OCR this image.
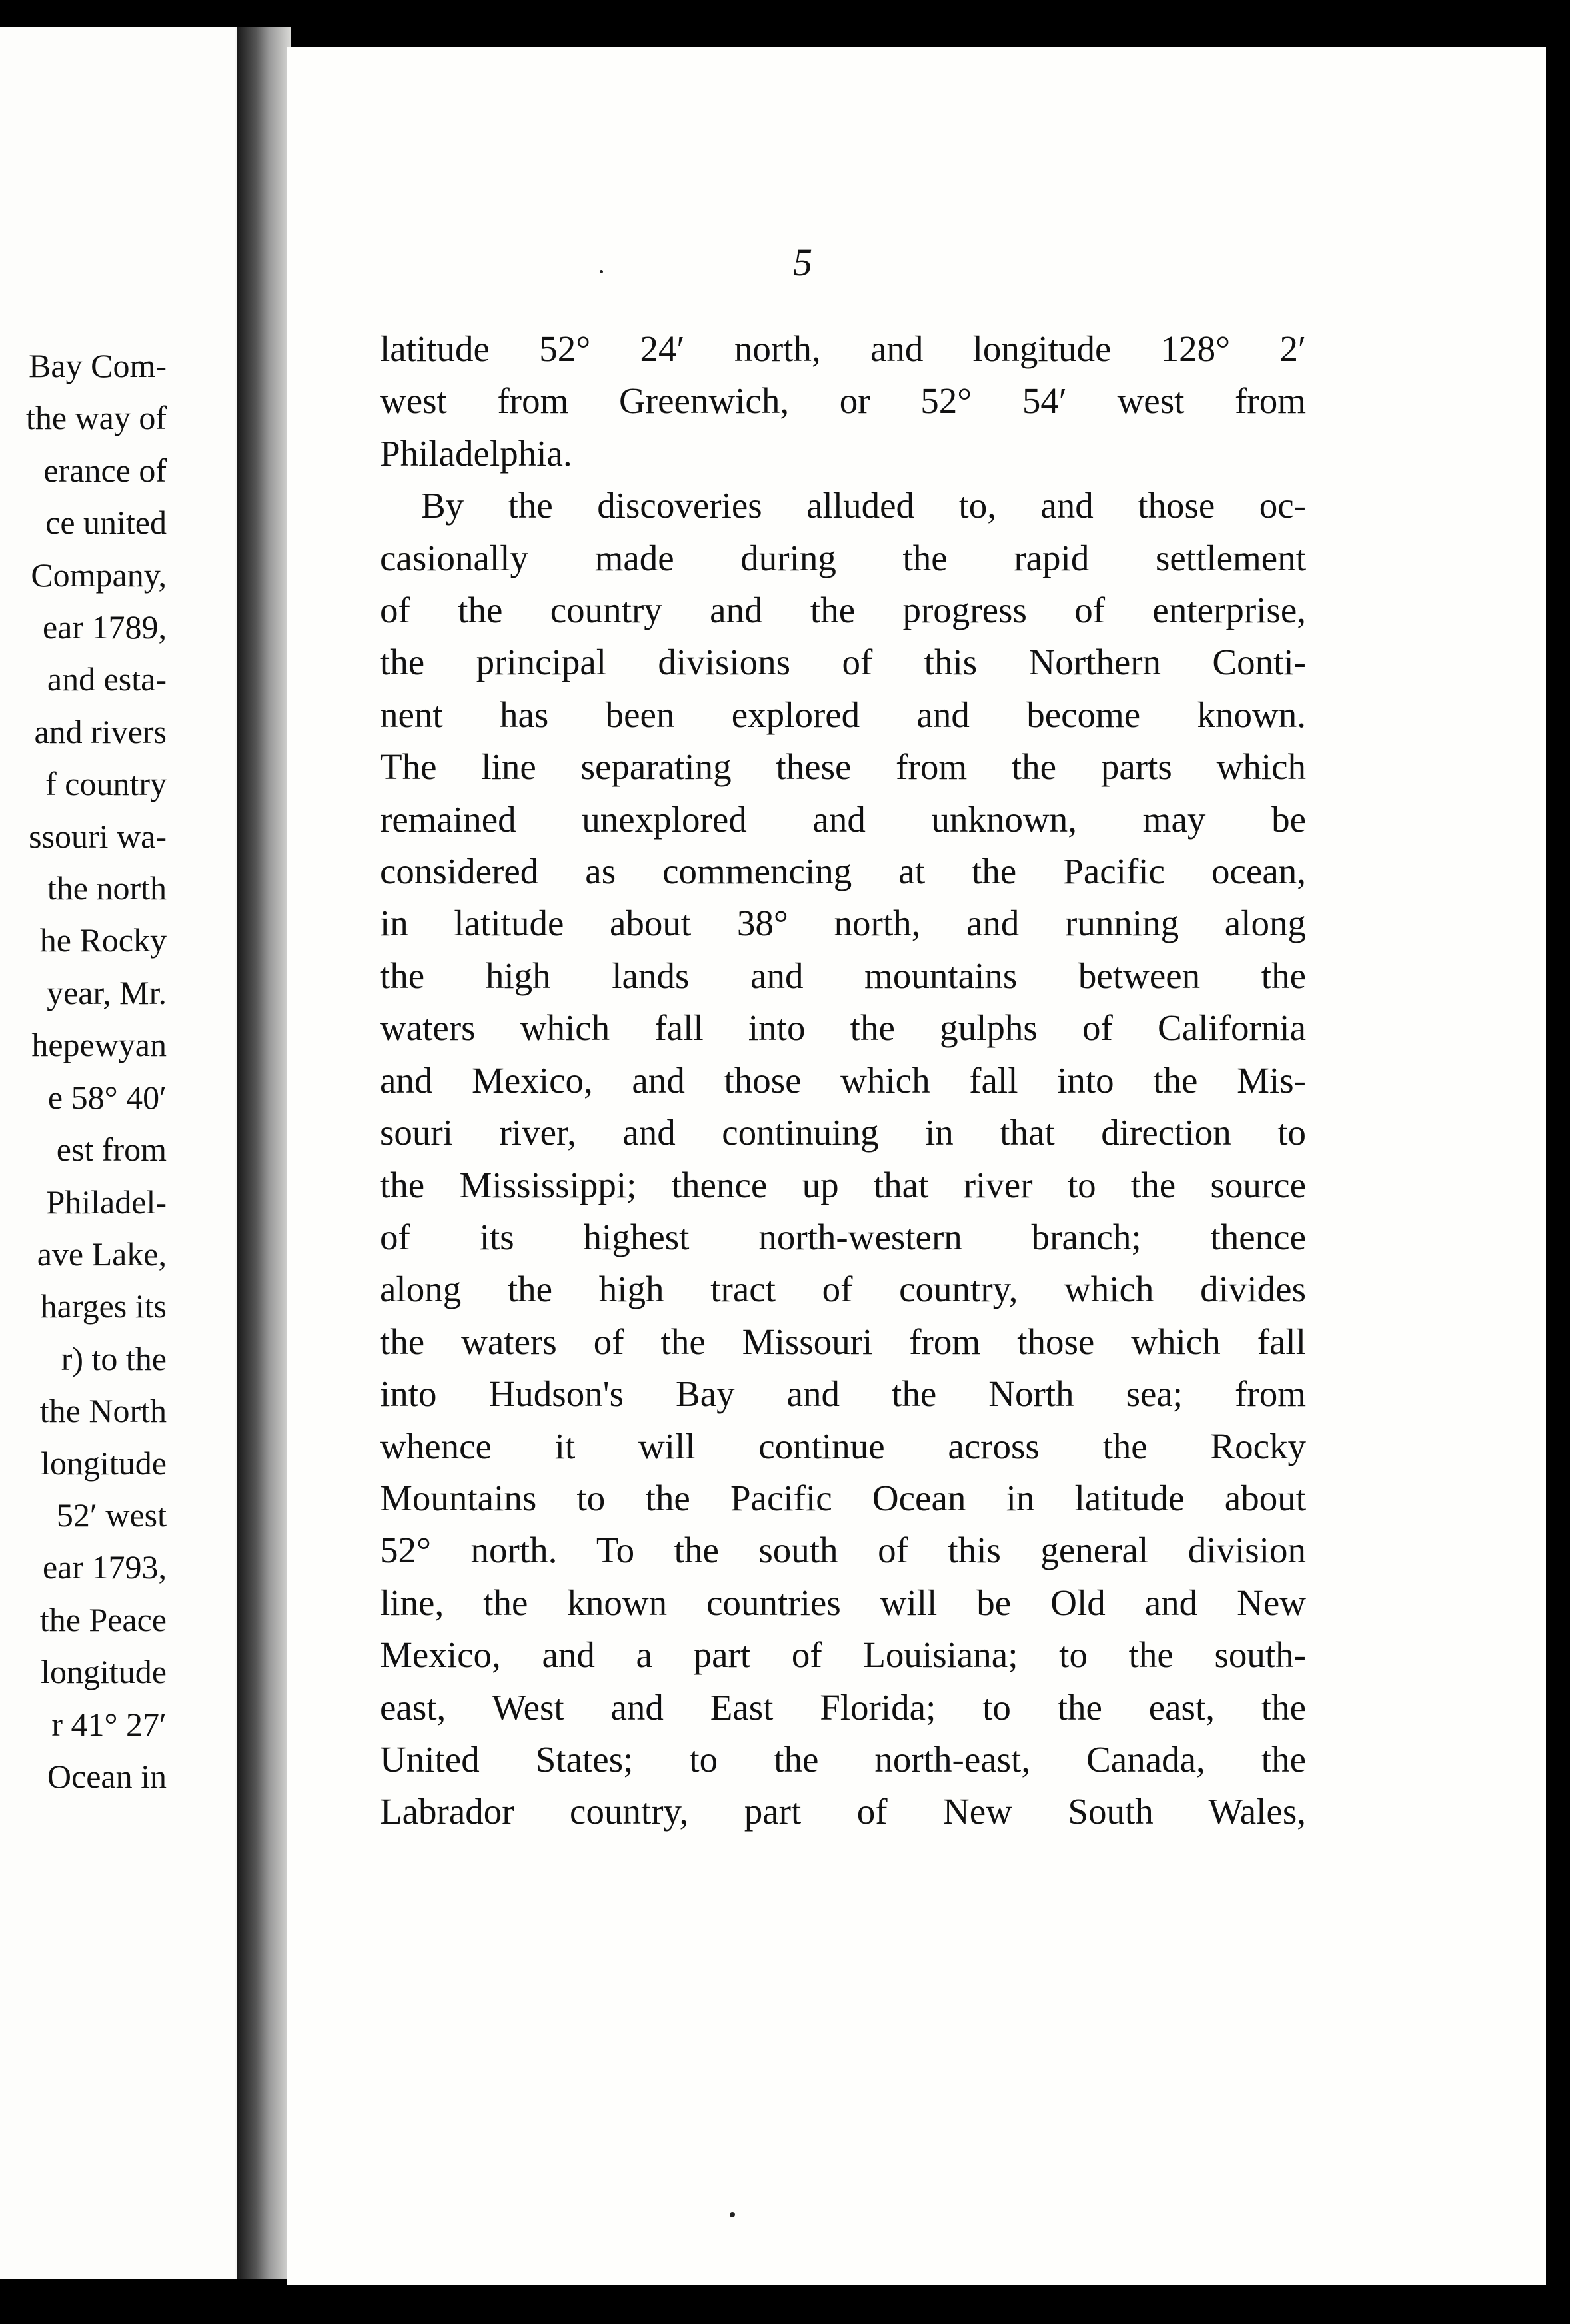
Bay Com-
the way of
erance of
ce united
Company,
ear 1789,
and esta-
and rivers
f country
ssouri wa-
the north
he Rocky
year, Mr.
hepewyan
e 58° 40′
est from
Philadel-
ave Lake,
harges its
r) to the
the North
longitude
52′ west
ear 1793,
the Peace
longitude
r 41° 27′
Ocean in
5
latitude 52° 24′ north, and longitude 128° 2′
west from Greenwich, or 52° 54′ west from
Philadelphia.
By the discoveries alluded to, and those oc-
casionally made during the rapid settlement
of the country and the progress of enterprise,
the principal divisions of this Northern Conti-
nent has been explored and become known.
The line separating these from the parts which
remained unexplored and unknown, may be
considered as commencing at the Pacific ocean,
in latitude about 38° north, and running along
the high lands and mountains between the
waters which fall into the gulphs of California
and Mexico, and those which fall into the Mis-
souri river, and continuing in that direction to
the Mississippi; thence up that river to the source
of its highest north-western branch; thence
along the high tract of country, which divides
the waters of the Missouri from those which fall
into Hudson's Bay and the North sea; from
whence it will continue across the Rocky
Mountains to the Pacific Ocean in latitude about
52° north. To the south of this general division
line, the known countries will be Old and New
Mexico, and a part of Louisiana; to the south-
east, West and East Florida; to the east, the
United States; to the north-east, Canada, the
Labrador country, part of New South Wales,
